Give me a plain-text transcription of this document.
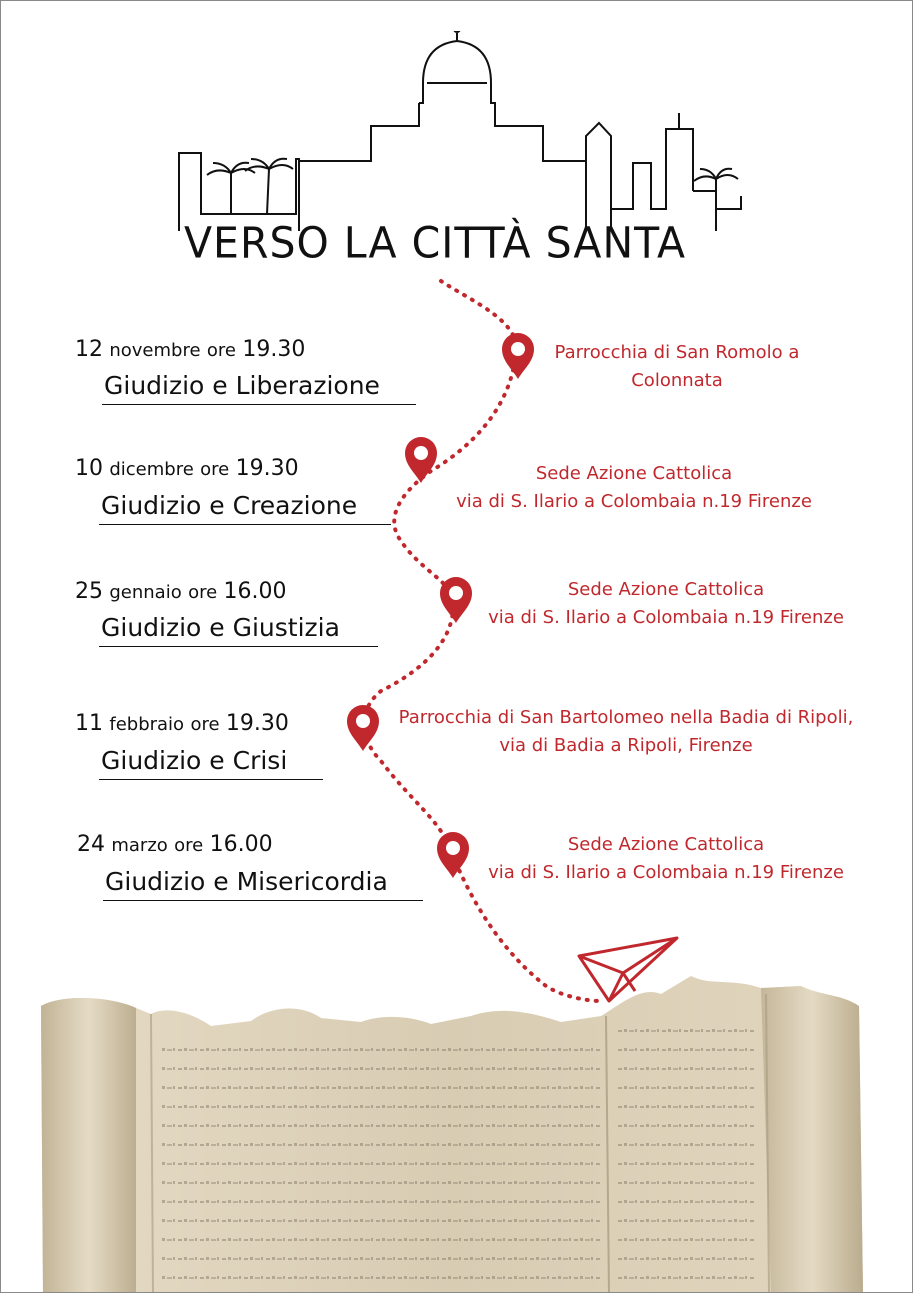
VERSO LA CITTÀ SANTA
12 novembre ore 19.30
Giudizio e Liberazione
Parrocchia di San Romolo a
Colonnata
10 dicembre ore 19.30
Giudizio e Creazione
Sede Azione Cattolica
via di S. Ilario a Colombaia n.19 Firenze
25 gennaio ore 16.00
Giudizio e Giustizia
Sede Azione Cattolica
via di S. Ilario a Colombaia n.19 Firenze
11 febbraio ore 19.30
Giudizio e Crisi
Parrocchia di San Bartolomeo nella Badia di Ripoli,
via di Badia a Ripoli, Firenze
24 marzo ore 16.00
Giudizio e Misericordia
Sede Azione Cattolica
via di S. Ilario a Colombaia n.19 Firenze
